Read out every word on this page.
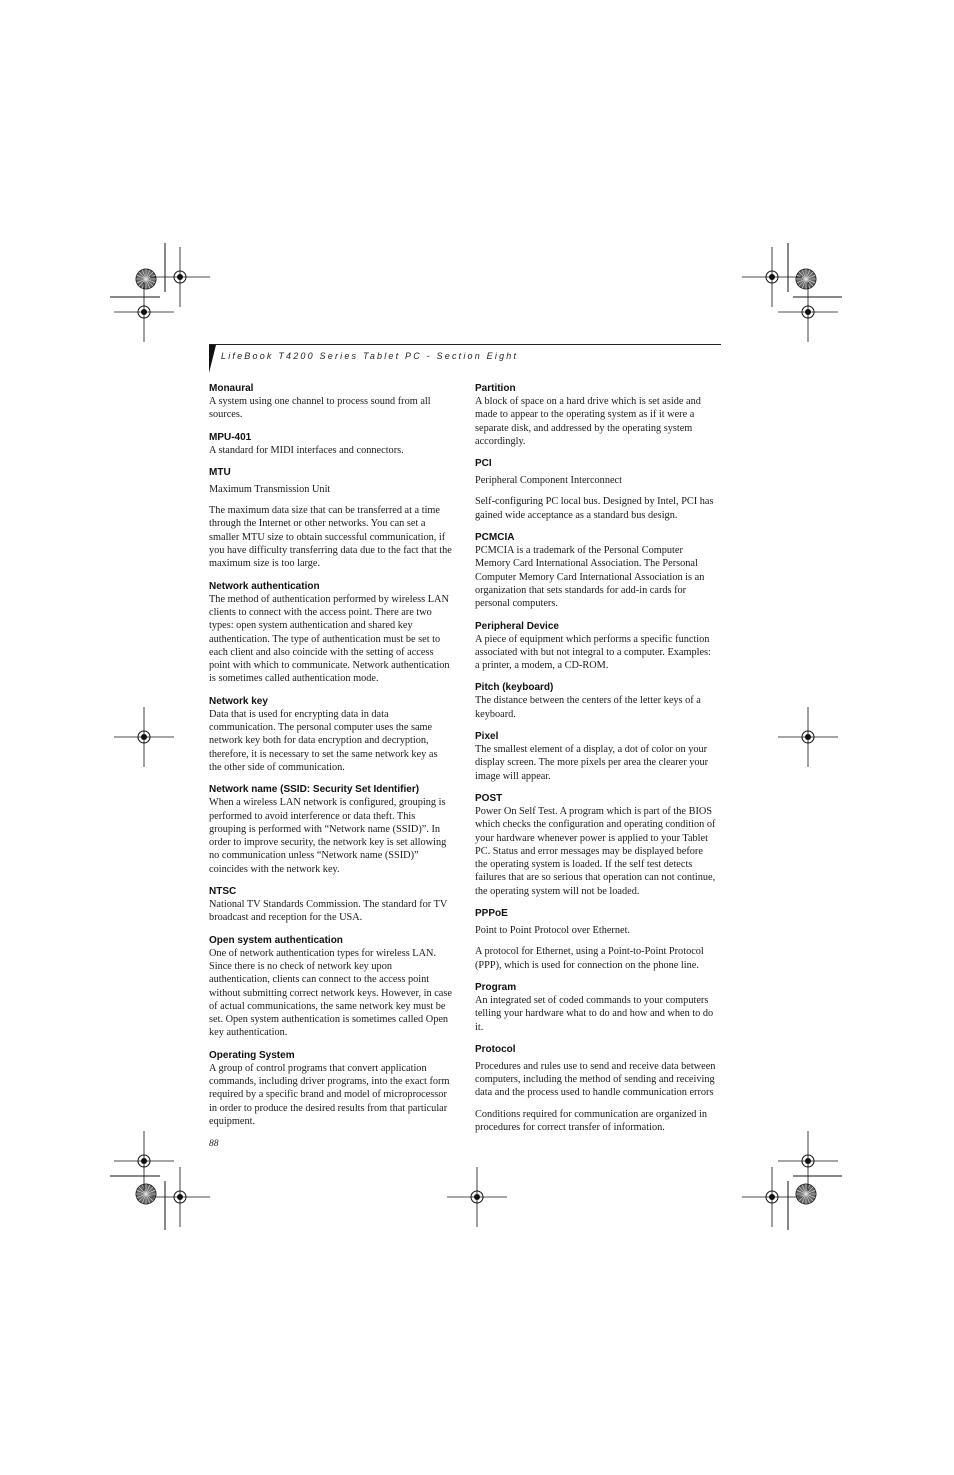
LifeBook T4200 Series Tablet PC - Section Eight
Monaural

A system using one channel to process sound from all sources.

MPU-401

A standard for MIDI interfaces and connectors.

MTU

Maximum Transmission Unit

The maximum data size that can be transferred at a time through the Internet or other networks. You can set a smaller MTU size to obtain successful communication, if you have difficulty transferring data due to the fact that the maximum size is too large.

Network authentication

The method of authentication performed by wireless LAN clients to connect with the access point. There are two types: open system authentication and shared key authentication. The type of authentication must be set to each client and also coincide with the setting of access point with which to communicate. Network authentication is sometimes called authentication mode.

Network key

Data that is used for encrypting data in data communication. The personal computer uses the same network key both for data encryption and decryption, therefore, it is necessary to set the same network key as the other side of communication.

Network name (SSID: Security Set Identifier)

When a wireless LAN network is configured, grouping is performed to avoid interference or data theft. This grouping is performed with “Network name (SSID)”. In order to improve security, the network key is set allowing no communication unless “Network name (SSID)” coincides with the network key.

NTSC

National TV Standards Commission. The standard for TV broadcast and reception for the USA.

Open system authentication

One of network authentication types for wireless LAN. Since there is no check of network key upon authentication, clients can connect to the access point without submitting correct network keys. However, in case of actual communications, the same network key must be set. Open system authentication is sometimes called Open key authentication.

Operating System

A group of control programs that convert application commands, including driver programs, into the exact form required by a specific brand and model of microprocessor in order to produce the desired results from that particular equipment.

Partition

A block of space on a hard drive which is set aside and made to appear to the operating system as if it were a separate disk, and addressed by the operating system accordingly.

PCI

Peripheral Component Interconnect

Self-configuring PC local bus. Designed by Intel, PCI has gained wide acceptance as a standard bus design.

PCMCIA

PCMCIA is a trademark of the Personal Computer Memory Card International Association. The Personal Computer Memory Card International Association is an organization that sets standards for add-in cards for personal computers.

Peripheral Device

A piece of equipment which performs a specific function associated with but not integral to a computer. Examples: a printer, a modem, a CD-ROM.

Pitch (keyboard)

The distance between the centers of the letter keys of a keyboard.

Pixel

The smallest element of a display, a dot of color on your display screen. The more pixels per area the clearer your image will appear.

POST

Power On Self Test. A program which is part of the BIOS which checks the configuration and operating condition of your hardware whenever power is applied to your Tablet PC. Status and error messages may be displayed before the operating system is loaded. If the self test detects failures that are so serious that operation can not continue, the operating system will not be loaded.

PPPoE

Point to Point Protocol over Ethernet.

A protocol for Ethernet, using a Point-to-Point Protocol (PPP), which is used for connection on the phone line.

Program

An integrated set of coded commands to your computers telling your hardware what to do and how and when to do it.

Protocol

Procedures and rules use to send and receive data between computers, including the method of sending and receiving data and the process used to handle communication errors

Conditions required for communication are organized in procedures for correct transfer of information.

88
